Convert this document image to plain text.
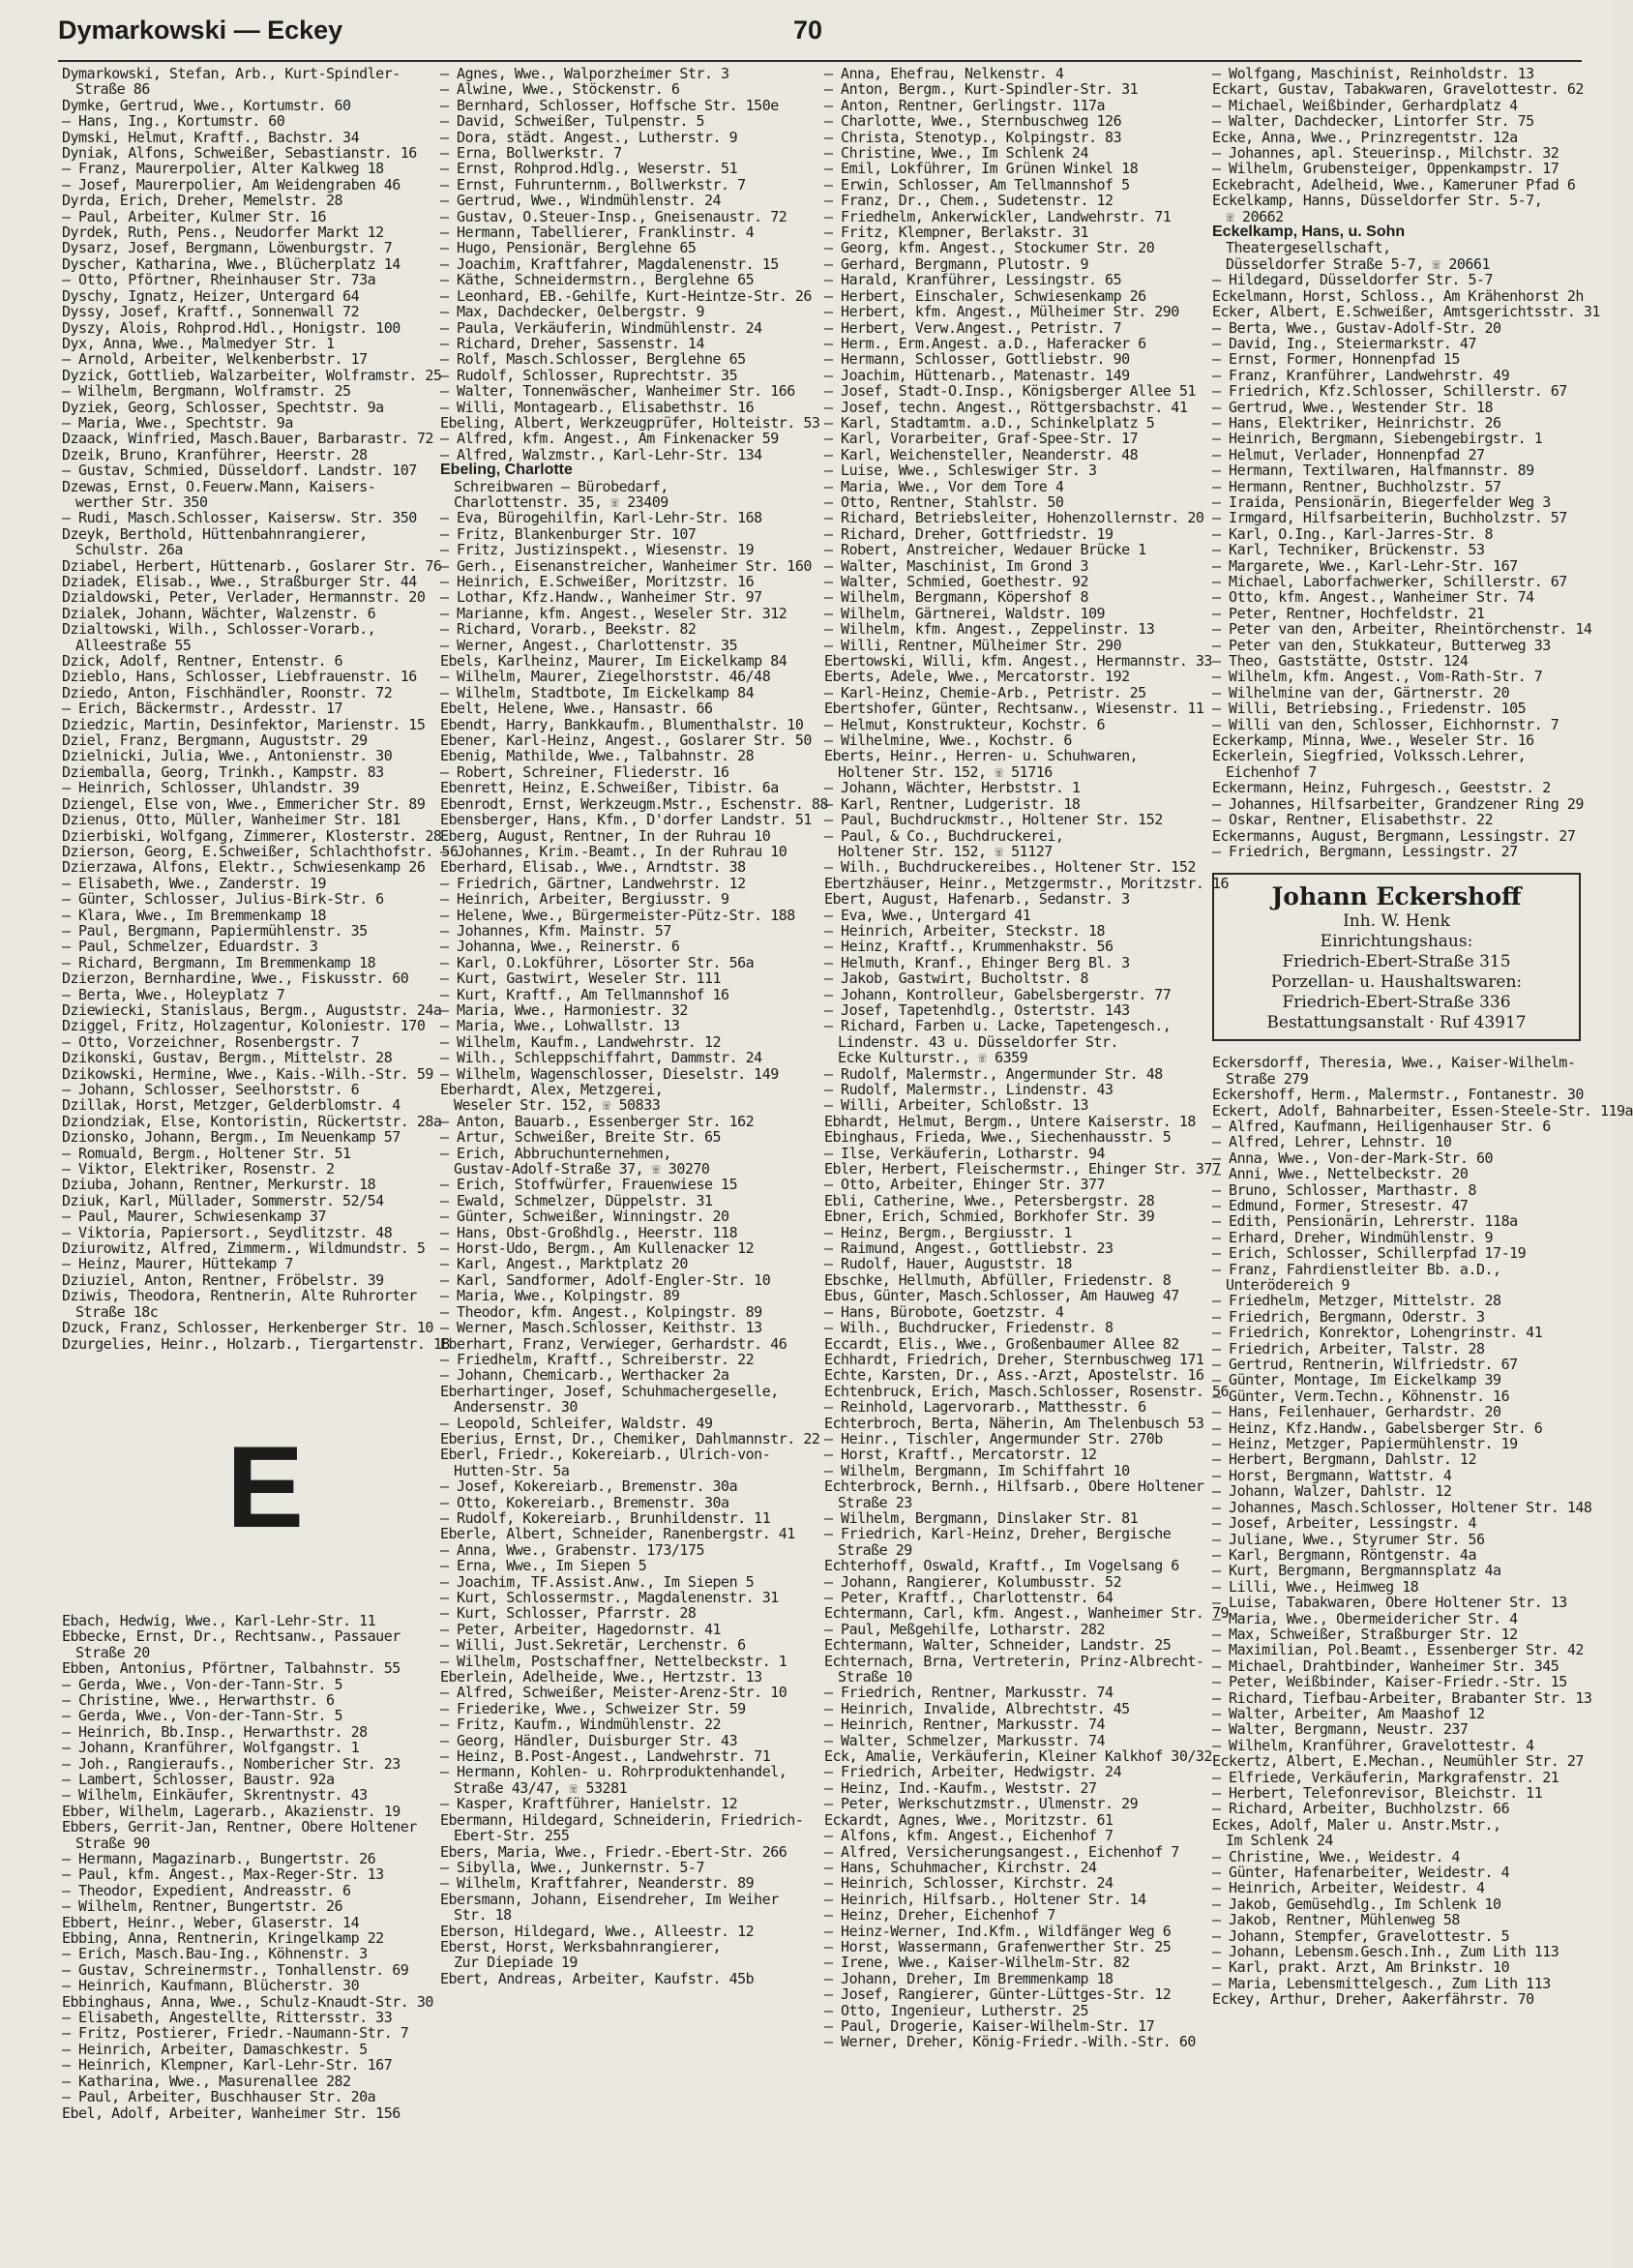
Dymarkowski — Eckey	70
Dymarkowski, Stefan, Arb., Kurt-Spindler-
Straße 86
Dymke, Gertrud, Wwe., Kortumstr. 60
— Hans, Ing., Kortumstr. 60
Dymski, Helmut, Kraftf., Bachstr. 34
Dyniak, Alfons, Schweißer, Sebastianstr. 16
— Franz, Maurerpolier, Alter Kalkweg 18
— Josef, Maurerpolier, Am Weidengraben 46
Dyrda, Erich, Dreher, Memelstr. 28
— Paul, Arbeiter, Kulmer Str. 16
Dyrdek, Ruth, Pens., Neudorfer Markt 12
Dysarz, Josef, Bergmann, Löwenburgstr. 7
Dyscher, Katharina, Wwe., Blücherplatz 14
— Otto, Pförtner, Rheinhauser Str. 73a
Dyschy, Ignatz, Heizer, Untergard 64
Dyssy, Josef, Kraftf., Sonnenwall 72
Dyszy, Alois, Rohprod.Hdl., Honigstr. 100
Dyx, Anna, Wwe., Malmedyer Str. 1
— Arnold, Arbeiter, Welkenberbstr. 17
Dyzick, Gottlieb, Walzarbeiter, Wolframstr. 25
— Wilhelm, Bergmann, Wolframstr. 25
Dyziek, Georg, Schlosser, Spechtstr. 9a
— Maria, Wwe., Spechtstr. 9a
Dzaack, Winfried, Masch.Bauer, Barbarastr. 72
Dzeik, Bruno, Kranführer, Heerstr. 28
— Gustav, Schmied, Düsseldorf. Landstr. 107
Dzewas, Ernst, O.Feuerw.Mann, Kaisers-
werther Str. 350
— Rudi, Masch.Schlosser, Kaisersw. Str. 350
Dzeyk, Berthold, Hüttenbahnrangierer,
Schulstr. 26a
Dziabel, Herbert, Hüttenarb., Goslarer Str. 76
Dziadek, Elisab., Wwe., Straßburger Str. 44
Dzialdowski, Peter, Verlader, Hermannstr. 20
Dzialek, Johann, Wächter, Walzenstr. 6
Dzialtowski, Wilh., Schlosser-Vorarb.,
Alleestraße 55
Dzick, Adolf, Rentner, Entenstr. 6
Dzieblo, Hans, Schlosser, Liebfrauenstr. 16
Dziedo, Anton, Fischhändler, Roonstr. 72
— Erich, Bäckermstr., Ardesstr. 17
Dziedzic, Martin, Desinfektor, Marienstr. 15
Dziel, Franz, Bergmann, Auguststr. 29
Dzielnicki, Julia, Wwe., Antonienstr. 30
Dziemballa, Georg, Trinkh., Kampstr. 83
— Heinrich, Schlosser, Uhlandstr. 39
Dziengel, Else von, Wwe., Emmericher Str. 89
Dzienus, Otto, Müller, Wanheimer Str. 181
Dzierbiski, Wolfgang, Zimmerer, Klosterstr. 28
Dzierson, Georg, E.Schweißer, Schlachthofstr. 56
Dzierzawa, Alfons, Elektr., Schwiesenkamp 26
— Elisabeth, Wwe., Zanderstr. 19
— Günter, Schlosser, Julius-Birk-Str. 6
— Klara, Wwe., Im Bremmenkamp 18
— Paul, Bergmann, Papiermühlenstr. 35
— Paul, Schmelzer, Eduardstr. 3
— Richard, Bergmann, Im Bremmenkamp 18
Dzierzon, Bernhardine, Wwe., Fiskusstr. 60
— Berta, Wwe., Holeyplatz 7
Dziewiecki, Stanislaus, Bergm., Auguststr. 24a
Dziggel, Fritz, Holzagentur, Koloniestr. 170
— Otto, Vorzeichner, Rosenbergstr. 7
Dzikonski, Gustav, Bergm., Mittelstr. 28
Dzikowski, Hermine, Wwe., Kais.-Wilh.-Str. 59
— Johann, Schlosser, Seelhorststr. 6
Dzillak, Horst, Metzger, Gelderblomstr. 4
Dziondziak, Else, Kontoristin, Rückertstr. 28a
Dzionsko, Johann, Bergm., Im Neuenkamp 57
— Romuald, Bergm., Holtener Str. 51
— Viktor, Elektriker, Rosenstr. 2
Dziuba, Johann, Rentner, Merkurstr. 18
Dziuk, Karl, Müllader, Sommerstr. 52/54
— Paul, Maurer, Schwiesenkamp 37
— Viktoria, Papiersort., Seydlitzstr. 48
Dziurowitz, Alfred, Zimmerm., Wildmundstr. 5
— Heinz, Maurer, Hüttekamp 7
Dziuziel, Anton, Rentner, Fröbelstr. 39
Dziwis, Theodora, Rentnerin, Alte Ruhrorter
Straße 18c
Dzuck, Franz, Schlosser, Herkenberger Str. 10
Dzurgelies, Heinr., Holzarb., Tiergartenstr. 18
E
Ebach, Hedwig, Wwe., Karl-Lehr-Str. 11
Ebbecke, Ernst, Dr., Rechtsanw., Passauer
Straße 20
Ebben, Antonius, Pförtner, Talbahnstr. 55
— Gerda, Wwe., Von-der-Tann-Str. 5
— Christine, Wwe., Herwarthstr. 6
— Gerda, Wwe., Von-der-Tann-Str. 5
— Heinrich, Bb.Insp., Herwarthstr. 28
— Johann, Kranführer, Wolfgangstr. 1
— Joh., Rangieraufs., Nombericher Str. 23
— Lambert, Schlosser, Baustr. 92a
— Wilhelm, Einkäufer, Skrentnystr. 43
Ebber, Wilhelm, Lagerarb., Akazienstr. 19
Ebbers, Gerrit-Jan, Rentner, Obere Holtener
Straße 90
— Hermann, Magazinarb., Bungertstr. 26
— Paul, kfm. Angest., Max-Reger-Str. 13
— Theodor, Expedient, Andreasstr. 6
— Wilhelm, Rentner, Bungertstr. 26
Ebbert, Heinr., Weber, Glaserstr. 14
Ebbing, Anna, Rentnerin, Kringelkamp 22
— Erich, Masch.Bau-Ing., Köhnenstr. 3
— Gustav, Schreinermstr., Tonhallenstr. 69
— Heinrich, Kaufmann, Blücherstr. 30
Ebbinghaus, Anna, Wwe., Schulz-Knaudt-Str. 30
— Elisabeth, Angestellte, Rittersstr. 33
— Fritz, Postierer, Friedr.-Naumann-Str. 7
— Heinrich, Arbeiter, Damaschkestr. 5
— Heinrich, Klempner, Karl-Lehr-Str. 167
— Katharina, Wwe., Masurenallee 282
— Paul, Arbeiter, Buschhauser Str. 20a
Ebel, Adolf, Arbeiter, Wanheimer Str. 156
— Agnes, Wwe., Walporzheimer Str. 3
— Alwine, Wwe., Stöckenstr. 6
— Bernhard, Schlosser, Hoffsche Str. 150e
— David, Schweißer, Tulpenstr. 5
— Dora, städt. Angest., Lutherstr. 9
— Erna, Bollwerkstr. 7
— Ernst, Rohprod.Hdlg., Weserstr. 51
— Ernst, Fuhrunternm., Bollwerkstr. 7
— Gertrud, Wwe., Windmühlenstr. 24
— Gustav, O.Steuer-Insp., Gneisenaustr. 72
— Hermann, Tabellierer, Franklinstr. 4
— Hugo, Pensionär, Berglehne 65
— Joachim, Kraftfahrer, Magdalenenstr. 15
— Käthe, Schneidermstrn., Berglehne 65
— Leonhard, EB.-Gehilfe, Kurt-Heintze-Str. 26
— Max, Dachdecker, Oelbergstr. 9
— Paula, Verkäuferin, Windmühlenstr. 24
— Richard, Dreher, Sassenstr. 14
— Rolf, Masch.Schlosser, Berglehne 65
— Rudolf, Schlosser, Ruprechtstr. 35
— Walter, Tonnenwäscher, Wanheimer Str. 166
— Willi, Montagearb., Elisabethstr. 16
Ebeling, Albert, Werkzeugprüfer, Holteistr. 53
— Alfred, kfm. Angest., Am Finkenacker 59
— Alfred, Walzmstr., Karl-Lehr-Str. 134
Ebeling, Charlotte
Schreibwaren — Bürobedarf,
Charlottenstr. 35, ☏ 23409
— Eva, Bürogehilfin, Karl-Lehr-Str. 168
— Fritz, Blankenburger Str. 107
— Fritz, Justizinspekt., Wiesenstr. 19
— Gerh., Eisenanstreicher, Wanheimer Str. 160
— Heinrich, E.Schweißer, Moritzstr. 16
— Lothar, Kfz.Handw., Wanheimer Str. 97
— Marianne, kfm. Angest., Weseler Str. 312
— Richard, Vorarb., Beekstr. 82
— Werner, Angest., Charlottenstr. 35
Ebels, Karlheinz, Maurer, Im Eickelkamp 84
— Wilhelm, Maurer, Ziegelhorststr. 46/48
— Wilhelm, Stadtbote, Im Eickelkamp 84
Ebelt, Helene, Wwe., Hansastr. 66
Ebendt, Harry, Bankkaufm., Blumenthalstr. 10
Ebener, Karl-Heinz, Angest., Goslarer Str. 50
Ebenig, Mathilde, Wwe., Talbahnstr. 28
— Robert, Schreiner, Fliederstr. 16
Ebenrett, Heinz, E.Schweißer, Tibistr. 6a
Ebenrodt, Ernst, Werkzeugm.Mstr., Eschenstr. 88
Ebensberger, Hans, Kfm., D'dorfer Landstr. 51
Eberg, August, Rentner, In der Ruhrau 10
— Johannes, Krim.-Beamt., In der Ruhrau 10
Eberhard, Elisab., Wwe., Arndtstr. 38
— Friedrich, Gärtner, Landwehrstr. 12
— Heinrich, Arbeiter, Bergiusstr. 9
— Helene, Wwe., Bürgermeister-Pütz-Str. 188
— Johannes, Kfm. Mainstr. 57
— Johanna, Wwe., Reinerstr. 6
— Karl, O.Lokführer, Lösorter Str. 56a
— Kurt, Gastwirt, Weseler Str. 111
— Kurt, Kraftf., Am Tellmannshof 16
— Maria, Wwe., Harmoniestr. 32
— Maria, Wwe., Lohwallstr. 13
— Wilhelm, Kaufm., Landwehrstr. 12
— Wilh., Schleppschiffahrt, Dammstr. 24
— Wilhelm, Wagenschlosser, Dieselstr. 149
Eberhardt, Alex, Metzgerei,
Weseler Str. 152, ☏ 50833
— Anton, Bauarb., Essenberger Str. 162
— Artur, Schweißer, Breite Str. 65
— Erich, Abbruchunternehmen,
Gustav-Adolf-Straße 37, ☏ 30270
— Erich, Stoffwürfer, Frauenwiese 15
— Ewald, Schmelzer, Düppelstr. 31
— Günter, Schweißer, Winningstr. 20
— Hans, Obst-Großhdlg., Heerstr. 118
— Horst-Udo, Bergm., Am Kullenacker 12
— Karl, Angest., Marktplatz 20
— Karl, Sandformer, Adolf-Engler-Str. 10
— Maria, Wwe., Kolpingstr. 89
— Theodor, kfm. Angest., Kolpingstr. 89
— Werner, Masch.Schlosser, Keithstr. 13
Eberhart, Franz, Verwieger, Gerhardstr. 46
— Friedhelm, Kraftf., Schreiberstr. 22
— Johann, Chemicarb., Werthacker 2a
Eberhartinger, Josef, Schuhmachergeselle,
Andersenstr. 30
— Leopold, Schleifer, Waldstr. 49
Eberius, Ernst, Dr., Chemiker, Dahlmannstr. 22
Eberl, Friedr., Kokereiarb., Ulrich-von-
Hutten-Str. 5a
— Josef, Kokereiarb., Bremenstr. 30a
— Otto, Kokereiarb., Bremenstr. 30a
— Rudolf, Kokereiarb., Brunhildenstr. 11
Eberle, Albert, Schneider, Ranenbergstr. 41
— Anna, Wwe., Grabenstr. 173/175
— Erna, Wwe., Im Siepen 5
— Joachim, TF.Assist.Anw., Im Siepen 5
— Kurt, Schlossermstr., Magdalenenstr. 31
— Kurt, Schlosser, Pfarrstr. 28
— Peter, Arbeiter, Hagedornstr. 41
— Willi, Just.Sekretär, Lerchenstr. 6
— Wilhelm, Postschaffner, Nettelbeckstr. 1
Eberlein, Adelheide, Wwe., Hertzstr. 13
— Alfred, Schweißer, Meister-Arenz-Str. 10
— Friederike, Wwe., Schweizer Str. 59
— Fritz, Kaufm., Windmühlenstr. 22
— Georg, Händler, Duisburger Str. 43
— Heinz, B.Post-Angest., Landwehrstr. 71
— Hermann, Kohlen- u. Rohrproduktenhandel,
Straße 43/47, ☏ 53281
— Kasper, Kraftführer, Hanielstr. 12
Ebermann, Hildegard, Schneiderin, Friedrich-
Ebert-Str. 255
Ebers, Maria, Wwe., Friedr.-Ebert-Str. 266
— Sibylla, Wwe., Junkernstr. 5-7
— Wilhelm, Kraftfahrer, Neanderstr. 89
Ebersmann, Johann, Eisendreher, Im Weiher
Str. 18
Eberson, Hildegard, Wwe., Alleestr. 12
Eberst, Horst, Werksbahnrangierer,
Zur Diepiade 19
Ebert, Andreas, Arbeiter, Kaufstr. 45b
— Anna, Ehefrau, Nelkenstr. 4
— Anton, Bergm., Kurt-Spindler-Str. 31
— Anton, Rentner, Gerlingstr. 117a
— Charlotte, Wwe., Sternbuschweg 126
— Christa, Stenotyp., Kolpingstr. 83
— Christine, Wwe., Im Schlenk 24
— Emil, Lokführer, Im Grünen Winkel 18
— Erwin, Schlosser, Am Tellmannshof 5
— Franz, Dr., Chem., Sudetenstr. 12
— Friedhelm, Ankerwickler, Landwehrstr. 71
— Fritz, Klempner, Berlakstr. 31
— Georg, kfm. Angest., Stockumer Str. 20
— Gerhard, Bergmann, Plutostr. 9
— Harald, Kranführer, Lessingstr. 65
— Herbert, Einschaler, Schwiesenkamp 26
— Herbert, kfm. Angest., Mülheimer Str. 290
— Herbert, Verw.Angest., Petristr. 7
— Herm., Erm.Angest. a.D., Haferacker 6
— Hermann, Schlosser, Gottliebstr. 90
— Joachim, Hüttenarb., Matenastr. 149
— Josef, Stadt-O.Insp., Königsberger Allee 51
— Josef, techn. Angest., Röttgersbachstr. 41
— Karl, Stadtamtm. a.D., Schinkelplatz 5
— Karl, Vorarbeiter, Graf-Spee-Str. 17
— Karl, Weichensteller, Neanderstr. 48
— Luise, Wwe., Schleswiger Str. 3
— Maria, Wwe., Vor dem Tore 4
— Otto, Rentner, Stahlstr. 50
— Richard, Betriebsleiter, Hohenzollernstr. 20
— Richard, Dreher, Gottfriedstr. 19
— Robert, Anstreicher, Wedauer Brücke 1
— Walter, Maschinist, Im Grond 3
— Walter, Schmied, Goethestr. 92
— Wilhelm, Bergmann, Köpershof 8
— Wilhelm, Gärtnerei, Waldstr. 109
— Wilhelm, kfm. Angest., Zeppelinstr. 13
— Willi, Rentner, Mülheimer Str. 290
Ebertowski, Willi, kfm. Angest., Hermannstr. 33
Eberts, Adele, Wwe., Mercatorstr. 192
— Karl-Heinz, Chemie-Arb., Petristr. 25
Ebertshofer, Günter, Rechtsanw., Wiesenstr. 11
— Helmut, Konstrukteur, Kochstr. 6
— Wilhelmine, Wwe., Kochstr. 6
Eberts, Heinr., Herren- u. Schuhwaren,
Holtener Str. 152, ☏ 51716
— Johann, Wächter, Herbststr. 1
— Karl, Rentner, Ludgeristr. 18
— Paul, Buchdruckmstr., Holtener Str. 152
— Paul, & Co., Buchdruckerei,
Holtener Str. 152, ☏ 51127
— Wilh., Buchdruckereibes., Holtener Str. 152
Ebertzhäuser, Heinr., Metzgermstr., Moritzstr. 16
Ebert, August, Hafenarb., Sedanstr. 3
— Eva, Wwe., Untergard 41
— Heinrich, Arbeiter, Steckstr. 18
— Heinz, Kraftf., Krummenhakstr. 56
— Helmuth, Kranf., Ehinger Berg Bl. 3
— Jakob, Gastwirt, Bucholtstr. 8
— Johann, Kontrolleur, Gabelsbergerstr. 77
— Josef, Tapetenhdlg., Ostertstr. 143
— Richard, Farben u. Lacke, Tapetengesch.,
Lindenstr. 43 u. Düsseldorfer Str.
Ecke Kulturstr., ☏ 6359
— Rudolf, Malermstr., Angermunder Str. 48
— Rudolf, Malermstr., Lindenstr. 43
— Willi, Arbeiter, Schloßstr. 13
Ebhardt, Helmut, Bergm., Untere Kaiserstr. 18
Ebinghaus, Frieda, Wwe., Siechenhausstr. 5
— Ilse, Verkäuferin, Lotharstr. 94
Ebler, Herbert, Fleischermstr., Ehinger Str. 377
— Otto, Arbeiter, Ehinger Str. 377
Ebli, Catherine, Wwe., Petersbergstr. 28
Ebner, Erich, Schmied, Borkhofer Str. 39
— Heinz, Bergm., Bergiusstr. 1
— Raimund, Angest., Gottliebstr. 23
— Rudolf, Hauer, Auguststr. 18
Ebschke, Hellmuth, Abfüller, Friedenstr. 8
Ebus, Günter, Masch.Schlosser, Am Hauweg 47
— Hans, Bürobote, Goetzstr. 4
— Wilh., Buchdrucker, Friedenstr. 8
Eccardt, Elis., Wwe., Großenbaumer Allee 82
Echhardt, Friedrich, Dreher, Sternbuschweg 171
Echte, Karsten, Dr., Ass.-Arzt, Apostelstr. 16
Echtenbruck, Erich, Masch.Schlosser, Rosenstr. 56
— Reinhold, Lagervorarb., Matthesstr. 6
Echterbroch, Berta, Näherin, Am Thelenbusch 53
— Heinr., Tischler, Angermunder Str. 270b
— Horst, Kraftf., Mercatorstr. 12
— Wilhelm, Bergmann, Im Schiffahrt 10
Echterbrock, Bernh., Hilfsarb., Obere Holtener
Straße 23
— Wilhelm, Bergmann, Dinslaker Str. 81
— Friedrich, Karl-Heinz, Dreher, Bergische
Straße 29
Echterhoff, Oswald, Kraftf., Im Vogelsang 6
— Johann, Rangierer, Kolumbusstr. 52
— Peter, Kraftf., Charlottenstr. 64
Echtermann, Carl, kfm. Angest., Wanheimer Str. 79
— Paul, Meßgehilfe, Lotharstr. 282
Echtermann, Walter, Schneider, Landstr. 25
Echternach, Brna, Vertreterin, Prinz-Albrecht-
Straße 10
— Friedrich, Rentner, Markusstr. 74
— Heinrich, Invalide, Albrechtstr. 45
— Heinrich, Rentner, Markusstr. 74
— Walter, Schmelzer, Markusstr. 74
Eck, Amalie, Verkäuferin, Kleiner Kalkhof 30/32
— Friedrich, Arbeiter, Hedwigstr. 24
— Heinz, Ind.-Kaufm., Weststr. 27
— Peter, Werkschutzmstr., Ulmenstr. 29
Eckardt, Agnes, Wwe., Moritzstr. 61
— Alfons, kfm. Angest., Eichenhof 7
— Alfred, Versicherungsangest., Eichenhof 7
— Hans, Schuhmacher, Kirchstr. 24
— Heinrich, Schlosser, Kirchstr. 24
— Heinrich, Hilfsarb., Holtener Str. 14
— Heinz, Dreher, Eichenhof 7
— Heinz-Werner, Ind.Kfm., Wildfänger Weg 6
— Horst, Wassermann, Grafenwerther Str. 25
— Irene, Wwe., Kaiser-Wilhelm-Str. 82
— Johann, Dreher, Im Bremmenkamp 18
— Josef, Rangierer, Günter-Lüttges-Str. 12
— Otto, Ingenieur, Lutherstr. 25
— Paul, Drogerie, Kaiser-Wilhelm-Str. 17
— Werner, Dreher, König-Friedr.-Wilh.-Str. 60
— Wolfgang, Maschinist, Reinholdstr. 13
Eckart, Gustav, Tabakwaren, Gravelottestr. 62
— Michael, Weißbinder, Gerhardplatz 4
— Walter, Dachdecker, Lintorfer Str. 75
Ecke, Anna, Wwe., Prinzregentstr. 12a
— Johannes, apl. Steuerinsp., Milchstr. 32
— Wilhelm, Grubensteiger, Oppenkampstr. 17
Eckebracht, Adelheid, Wwe., Kameruner Pfad 6
Eckelkamp, Hanns, Düsseldorfer Str. 5-7,
☏ 20662
Eckelkamp, Hans, u. Sohn
Theatergesellschaft,
Düsseldorfer Straße 5-7, ☏ 20661
— Hildegard, Düsseldorfer Str. 5-7
Eckelmann, Horst, Schloss., Am Krähenhorst 2h
Ecker, Albert, E.Schweißer, Amtsgerichtsstr. 31
— Berta, Wwe., Gustav-Adolf-Str. 20
— David, Ing., Steiermarkstr. 47
— Ernst, Former, Honnenpfad 15
— Franz, Kranführer, Landwehrstr. 49
— Friedrich, Kfz.Schlosser, Schillerstr. 67
— Gertrud, Wwe., Westender Str. 18
— Hans, Elektriker, Heinrichstr. 26
— Heinrich, Bergmann, Siebengebirgstr. 1
— Helmut, Verlader, Honnenpfad 27
— Hermann, Textilwaren, Halfmannstr. 89
— Hermann, Rentner, Buchholzstr. 57
— Iraida, Pensionärin, Biegerfelder Weg 3
— Irmgard, Hilfsarbeiterin, Buchholzstr. 57
— Karl, O.Ing., Karl-Jarres-Str. 8
— Karl, Techniker, Brückenstr. 53
— Margarete, Wwe., Karl-Lehr-Str. 167
— Michael, Laborfachwerker, Schillerstr. 67
— Otto, kfm. Angest., Wanheimer Str. 74
— Peter, Rentner, Hochfeldstr. 21
— Peter van den, Arbeiter, Rheintörchenstr. 14
— Peter van den, Stukkateur, Butterweg 33
— Theo, Gaststätte, Oststr. 124
— Wilhelm, kfm. Angest., Vom-Rath-Str. 7
— Wilhelmine van der, Gärtnerstr. 20
— Willi, Betriebsing., Friedenstr. 105
— Willi van den, Schlosser, Eichhornstr. 7
Eckerkamp, Minna, Wwe., Weseler Str. 16
Eckerlein, Siegfried, Volkssch.Lehrer,
Eichenhof 7
Eckermann, Heinz, Fuhrgesch., Geeststr. 2
— Johannes, Hilfsarbeiter, Grandzener Ring 29
— Oskar, Rentner, Elisabethstr. 22
Eckermanns, August, Bergmann, Lessingstr. 27
— Friedrich, Bergmann, Lessingstr. 27
Johann Eckershoff
Inh. W. Henk
Einrichtungshaus:
Friedrich-Ebert-Straße 315
Porzellan- u. Haushaltswaren:
Friedrich-Ebert-Straße 336
Bestattungsanstalt · Ruf 43917
Eckersdorff, Theresia, Wwe., Kaiser-Wilhelm-
Straße 279
Eckershoff, Herm., Malermstr., Fontanestr. 30
Eckert, Adolf, Bahnarbeiter, Essen-Steele-Str. 119a
— Alfred, Kaufmann, Heiligenhauser Str. 6
— Alfred, Lehrer, Lehnstr. 10
— Anna, Wwe., Von-der-Mark-Str. 60
— Anni, Wwe., Nettelbeckstr. 20
— Bruno, Schlosser, Marthastr. 8
— Edmund, Former, Stresestr. 47
— Edith, Pensionärin, Lehrerstr. 118a
— Erhard, Dreher, Windmühlenstr. 9
— Erich, Schlosser, Schillerpfad 17-19
— Franz, Fahrdienstleiter Bb. a.D.,
Unterödereich 9
— Friedhelm, Metzger, Mittelstr. 28
— Friedrich, Bergmann, Oderstr. 3
— Friedrich, Konrektor, Lohengrinstr. 41
— Friedrich, Arbeiter, Talstr. 28
— Gertrud, Rentnerin, Wilfriedstr. 67
— Günter, Montage, Im Eickelkamp 39
— Günter, Verm.Techn., Köhnenstr. 16
— Hans, Feilenhauer, Gerhardstr. 20
— Heinz, Kfz.Handw., Gabelsberger Str. 6
— Heinz, Metzger, Papiermühlenstr. 19
— Herbert, Bergmann, Dahlstr. 12
— Horst, Bergmann, Wattstr. 4
— Johann, Walzer, Dahlstr. 12
— Johannes, Masch.Schlosser, Holtener Str. 148
— Josef, Arbeiter, Lessingstr. 4
— Juliane, Wwe., Styrumer Str. 56
— Karl, Bergmann, Röntgenstr. 4a
— Kurt, Bergmann, Bergmannsplatz 4a
— Lilli, Wwe., Heimweg 18
— Luise, Tabakwaren, Obere Holtener Str. 13
— Maria, Wwe., Obermeidericher Str. 4
— Max, Schweißer, Straßburger Str. 12
— Maximilian, Pol.Beamt., Essenberger Str. 42
— Michael, Drahtbinder, Wanheimer Str. 345
— Peter, Weißbinder, Kaiser-Friedr.-Str. 15
— Richard, Tiefbau-Arbeiter, Brabanter Str. 13
— Walter, Arbeiter, Am Maashof 12
— Walter, Bergmann, Neustr. 237
— Wilhelm, Kranführer, Gravelottestr. 4
Eckertz, Albert, E.Mechan., Neumühler Str. 27
— Elfriede, Verkäuferin, Markgrafenstr. 21
— Herbert, Telefonrevisor, Bleichstr. 11
— Richard, Arbeiter, Buchholzstr. 66
Eckes, Adolf, Maler u. Anstr.Mstr.,
Im Schlenk 24
— Christine, Wwe., Weidestr. 4
— Günter, Hafenarbeiter, Weidestr. 4
— Heinrich, Arbeiter, Weidestr. 4
— Jakob, Gemüsehdlg., Im Schlenk 10
— Jakob, Rentner, Mühlenweg 58
— Johann, Stempfer, Gravelottestr. 5
— Johann, Lebensm.Gesch.Inh., Zum Lith 113
— Karl, prakt. Arzt, Am Brinkstr. 10
— Maria, Lebensmittelgesch., Zum Lith 113
Eckey, Arthur, Dreher, Aakerfährstr. 70
